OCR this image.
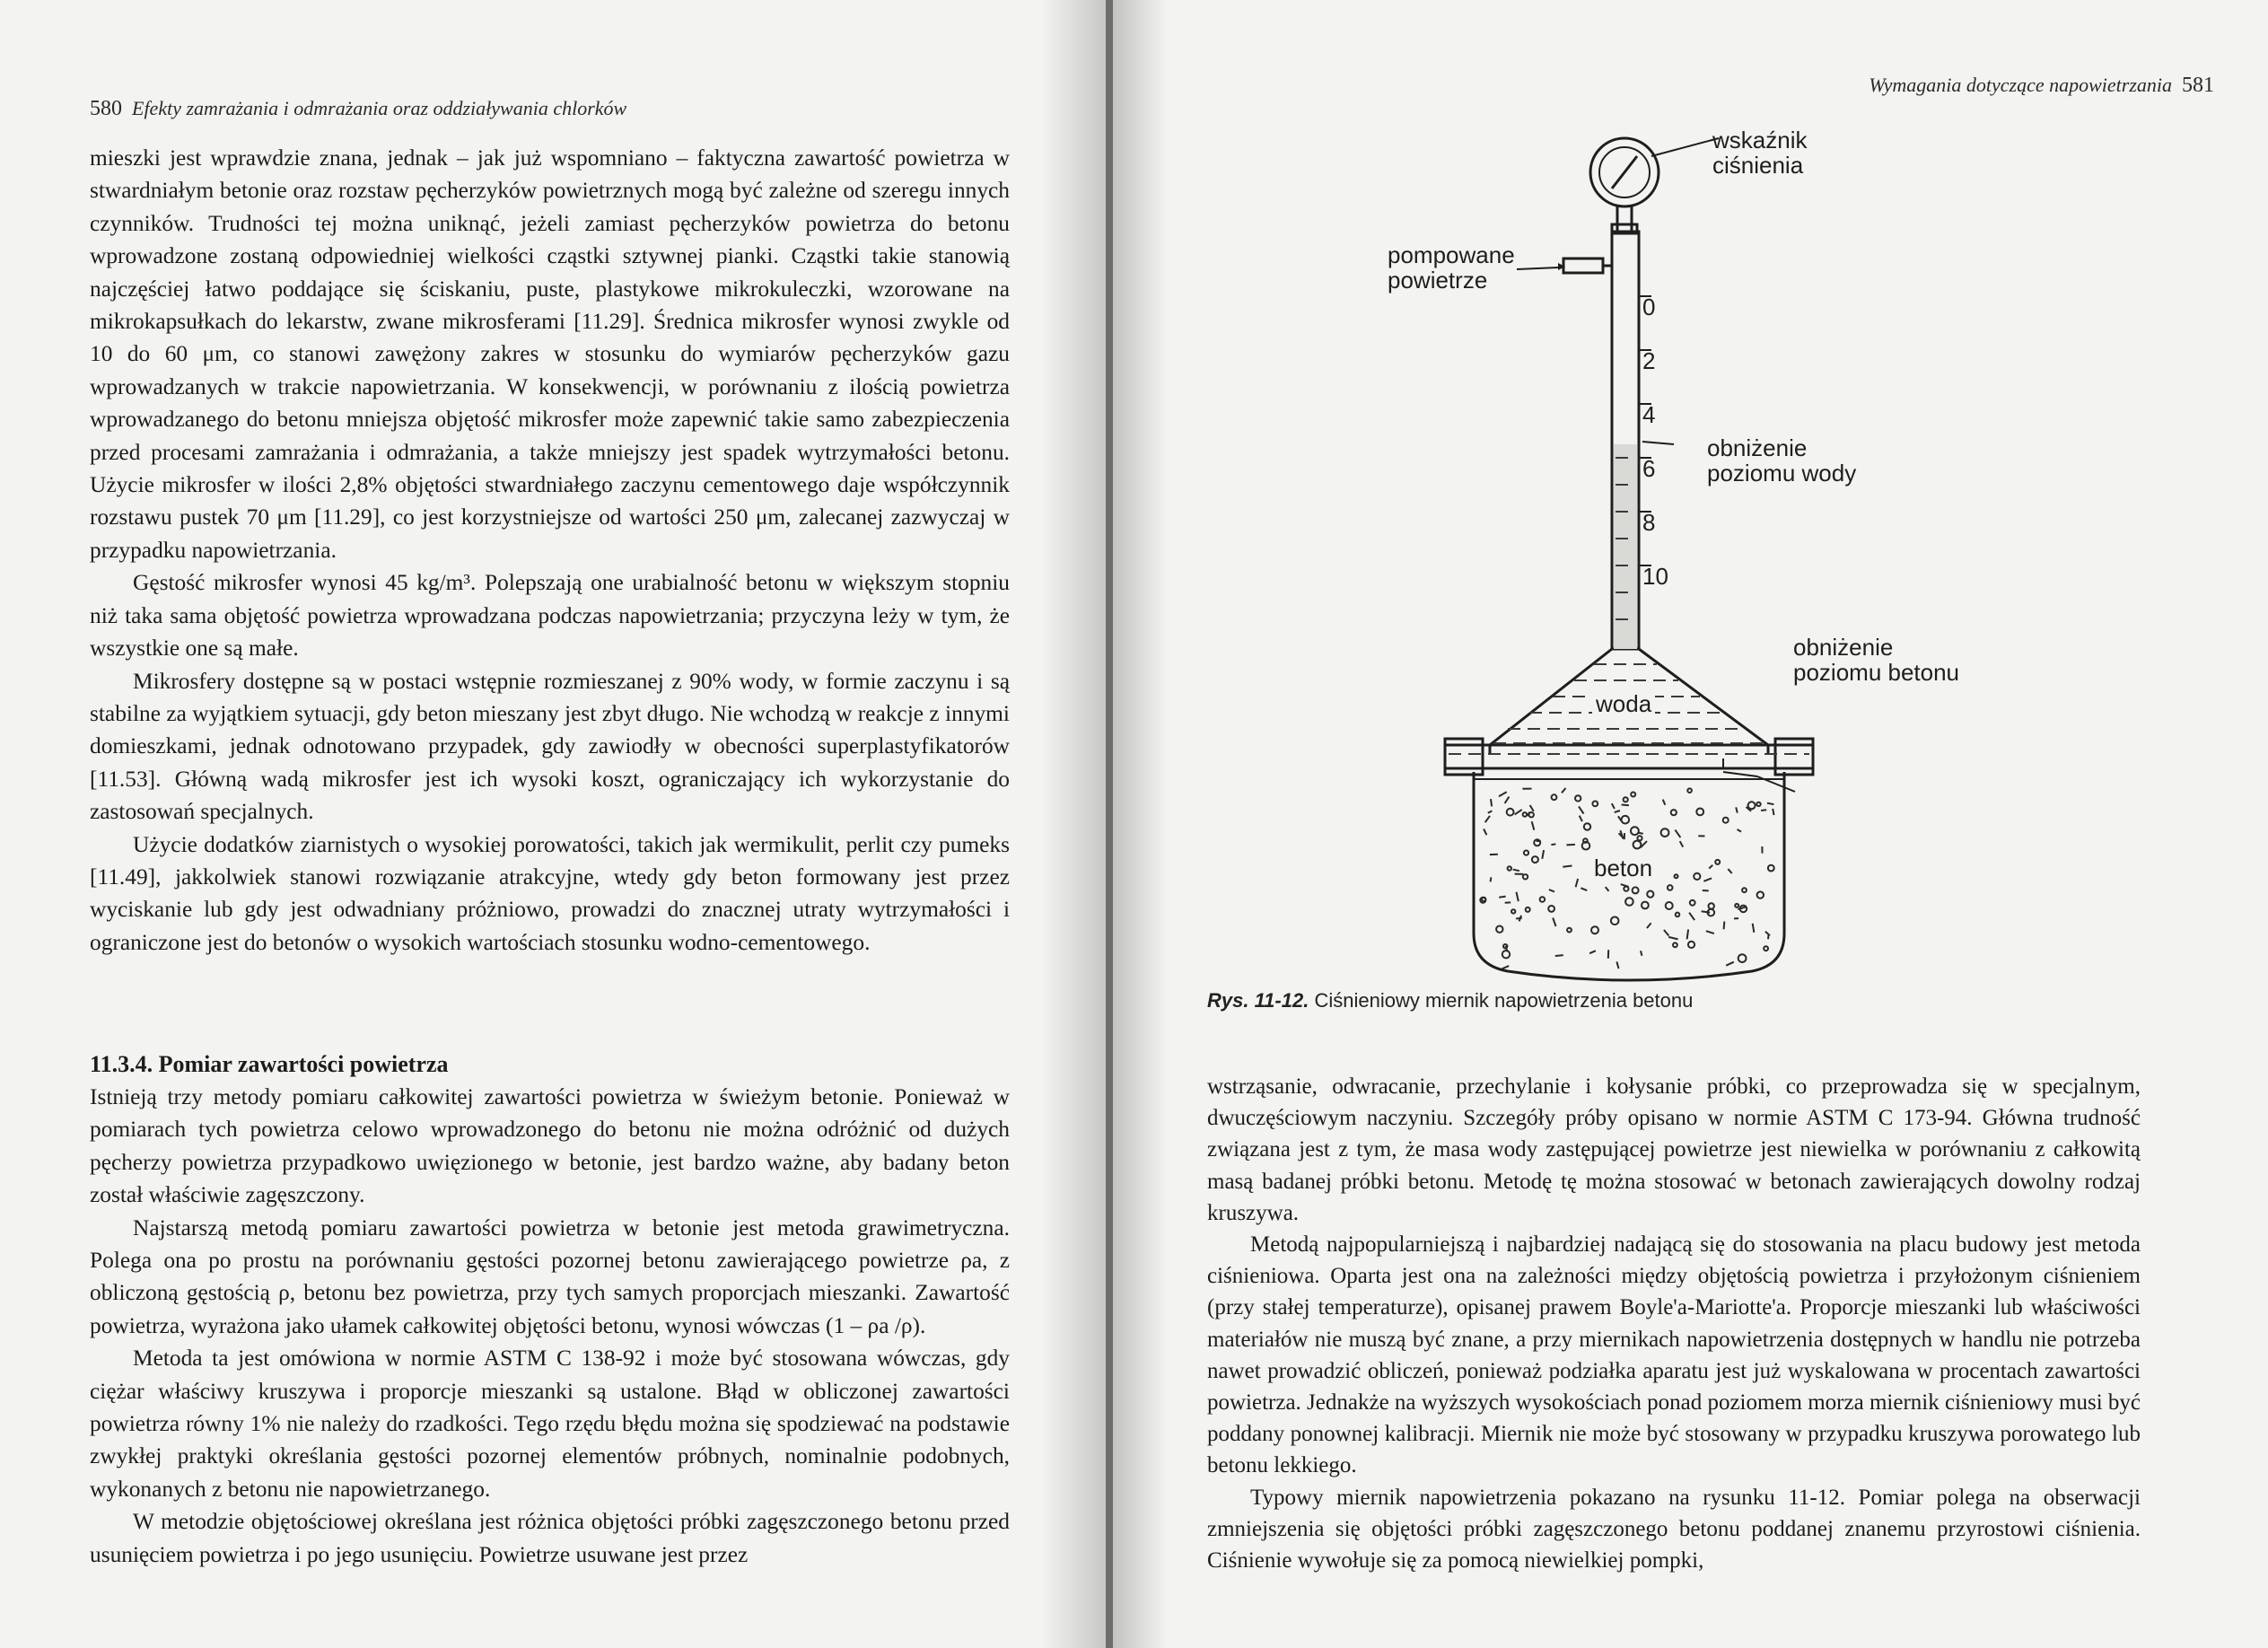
580 Efekty zamrażania i odmrażania oraz oddziaływania chlorków

mieszki jest wprawdzie znana, jednak – jak już wspomniano – faktyczna zawartość powietrza w stwardniałym betonie oraz rozstaw pęcherzyków powietrznych mogą być zależne od szeregu innych czynników. Trudności tej można uniknąć, jeżeli zamiast pęcherzyków powietrza do betonu wprowadzone zostaną odpowiedniej wielkości cząstki sztywnej pianki. Cząstki takie stanowią najczęściej łatwo poddające się ściskaniu, puste, plastykowe mikrokuleczki, wzorowane na mikrokapsułkach do lekarstw, zwane mikrosferami [11.29]. Średnica mikrosfer wynosi zwykle od 10 do 60 μm, co stanowi zawężony zakres w stosunku do wymiarów pęcherzyków gazu wprowadzanych w trakcie napowietrzania. W konsekwencji, w porównaniu z ilością powietrza wprowadzanego do betonu mniejsza objętość mikrosfer może zapewnić takie samo zabezpieczenia przed procesami zamrażania i odmrażania, a także mniejszy jest spadek wytrzymałości betonu. Użycie mikrosfer w ilości 2,8% objętości stwardniałego zaczynu cementowego daje współczynnik rozstawu pustek 70 μm [11.29], co jest korzystniejsze od wartości 250 μm, zalecanej zazwyczaj w przypadku napowietrzania.

Gęstość mikrosfer wynosi 45 kg/m³. Polepszają one urabialność betonu w większym stopniu niż taka sama objętość powietrza wprowadzana podczas napowietrzania; przyczyna leży w tym, że wszystkie one są małe.

Mikrosfery dostępne są w postaci wstępnie rozmieszanej z 90% wody, w formie zaczynu i są stabilne za wyjątkiem sytuacji, gdy beton mieszany jest zbyt długo. Nie wchodzą w reakcje z innymi domieszkami, jednak odnotowano przypadek, gdy zawiodły w obecności superplastyfikatorów [11.53]. Główną wadą mikrosfer jest ich wysoki koszt, ograniczający ich wykorzystanie do zastosowań specjalnych.

Użycie dodatków ziarnistych o wysokiej porowatości, takich jak wermikulit, perlit czy pumeks [11.49], jakkolwiek stanowi rozwiązanie atrakcyjne, wtedy gdy beton formowany jest przez wyciskanie lub gdy jest odwadniany próżniowo, prowadzi do znacznej utraty wytrzymałości i ograniczone jest do betonów o wysokich wartościach stosunku wodno-cementowego.

11.3.4. Pomiar zawartości powietrza

Istnieją trzy metody pomiaru całkowitej zawartości powietrza w świeżym betonie. Ponieważ w pomiarach tych powietrza celowo wprowadzonego do betonu nie można odróżnić od dużych pęcherzy powietrza przypadkowo uwięzionego w betonie, jest bardzo ważne, aby badany beton został właściwie zagęszczony.

Najstarszą metodą pomiaru zawartości powietrza w betonie jest metoda grawimetryczna. Polega ona po prostu na porównaniu gęstości pozornej betonu zawierającego powietrze ρa, z obliczoną gęstością ρ, betonu bez powietrza, przy tych samych proporcjach mieszanki. Zawartość powietrza, wyrażona jako ułamek całkowitej objętości betonu, wynosi wówczas (1 – ρa /ρ).

Metoda ta jest omówiona w normie ASTM C 138-92 i może być stosowana wówczas, gdy ciężar właściwy kruszywa i proporcje mieszanki są ustalone. Błąd w obliczonej zawartości powietrza równy 1% nie należy do rzadkości. Tego rzędu błędu można się spodziewać na podstawie zwykłej praktyki określania gęstości pozornej elementów próbnych, nominalnie podobnych, wykonanych z betonu nie napowietrzanego.

W metodzie objętościowej określana jest różnica objętości próbki zagęszczonego betonu przed usunięciem powietrza i po jego usunięciu. Powietrze usuwane jest przez

Wymagania dotyczące napowietrzania 581
wskaźnik
ciśnienia
pompowane
powietrze
obniżenie
poziomu wody
woda
obniżenie
poziomu betonu
beton
0
2
4
6
8
10
Rys. 11-12. Ciśnieniowy miernik napowietrzenia betonu

wstrząsanie, odwracanie, przechylanie i kołysanie próbki, co przeprowadza się w specjalnym, dwuczęściowym naczyniu. Szczegóły próby opisano w normie ASTM C 173-94. Główna trudność związana jest z tym, że masa wody zastępującej powietrze jest niewielka w porównaniu z całkowitą masą badanej próbki betonu. Metodę tę można stosować w betonach zawierających dowolny rodzaj kruszywa.

Metodą najpopularniejszą i najbardziej nadającą się do stosowania na placu budowy jest metoda ciśnieniowa. Oparta jest ona na zależności między objętością powietrza i przyłożonym ciśnieniem (przy stałej temperaturze), opisanej prawem Boyle'a-Mariotte'a. Proporcje mieszanki lub właściwości materiałów nie muszą być znane, a przy miernikach napowietrzenia dostępnych w handlu nie potrzeba nawet prowadzić obliczeń, ponieważ podziałka aparatu jest już wyskalowana w procentach zawartości powietrza. Jednakże na wyższych wysokościach ponad poziomem morza miernik ciśnieniowy musi być poddany ponownej kalibracji. Miernik nie może być stosowany w przypadku kruszywa porowatego lub betonu lekkiego.

Typowy miernik napowietrzenia pokazano na rysunku 11-12. Pomiar polega na obserwacji zmniejszenia się objętości próbki zagęszczonego betonu poddanej znanemu przyrostowi ciśnienia. Ciśnienie wywołuje się za pomocą niewielkiej pompki,
